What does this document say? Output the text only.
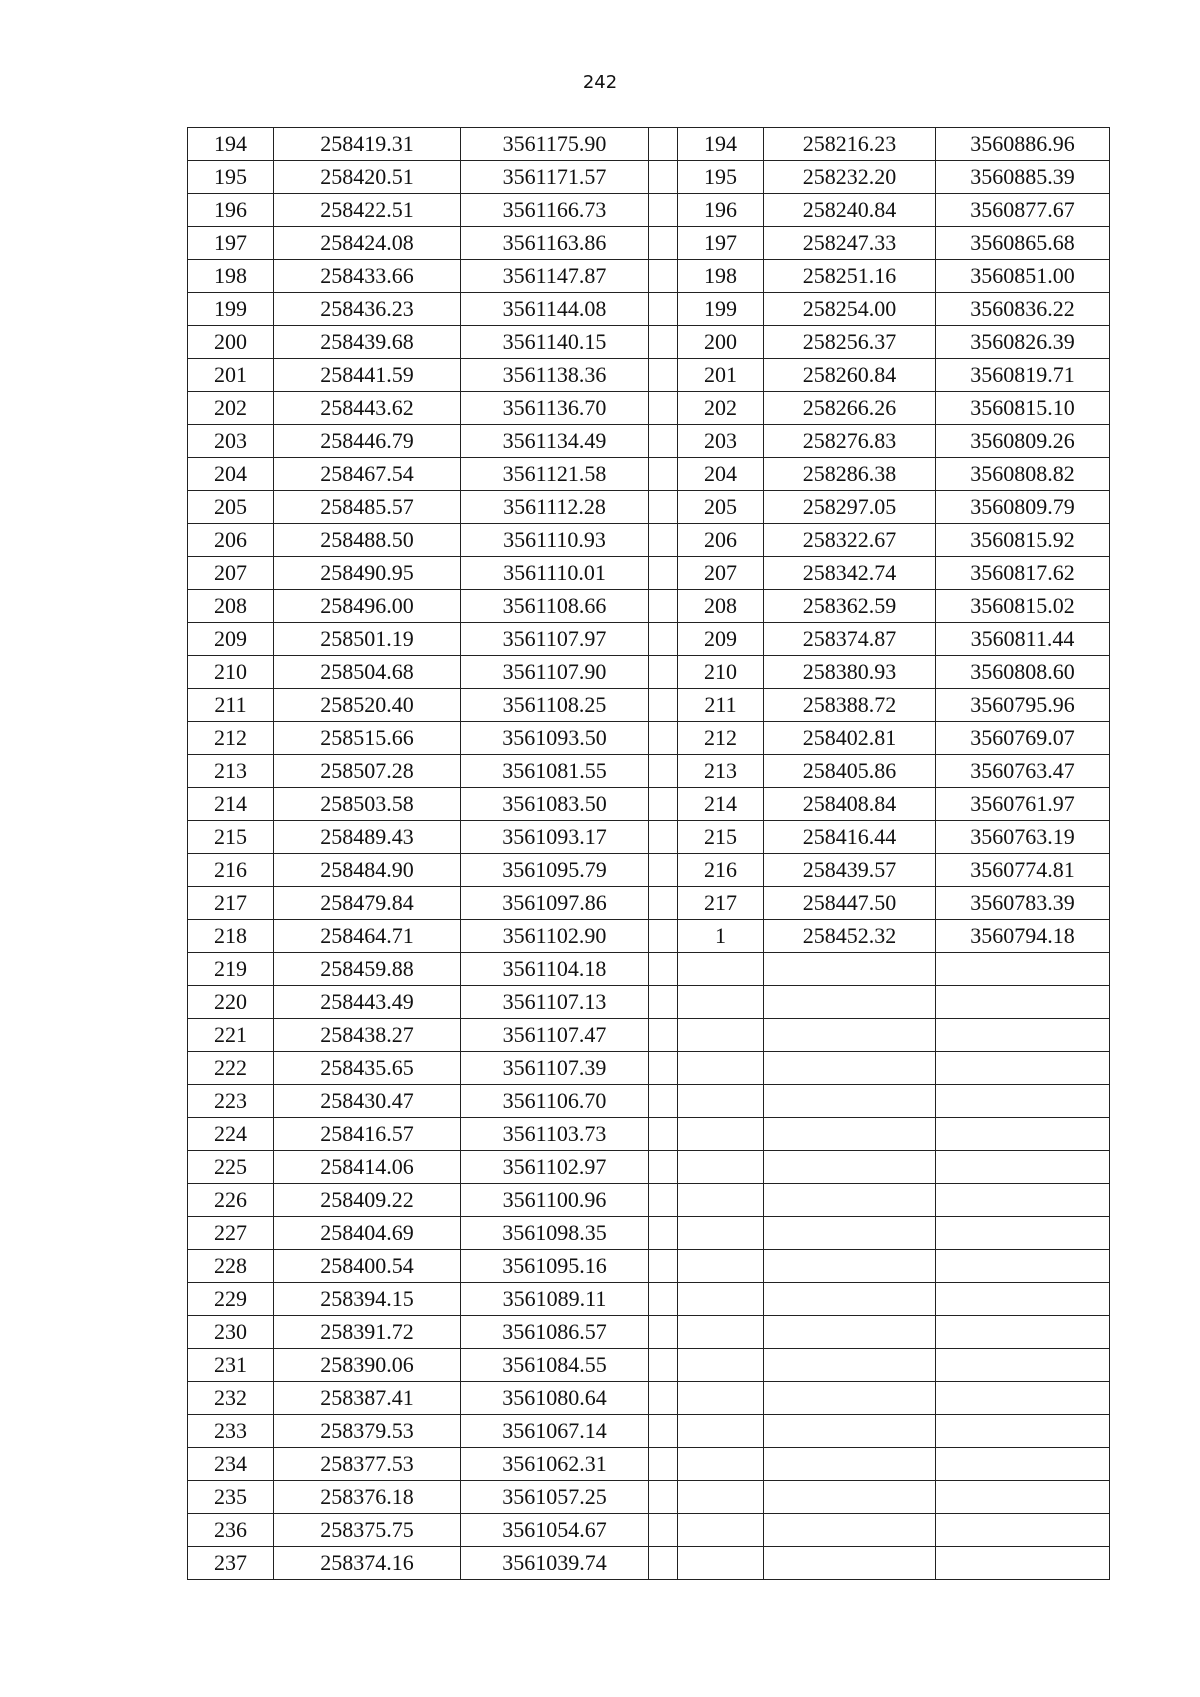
242
194	258419.31	3561175.90		194	258216.23	3560886.96
195	258420.51	3561171.57		195	258232.20	3560885.39
196	258422.51	3561166.73		196	258240.84	3560877.67
197	258424.08	3561163.86		197	258247.33	3560865.68
198	258433.66	3561147.87		198	258251.16	3560851.00
199	258436.23	3561144.08		199	258254.00	3560836.22
200	258439.68	3561140.15		200	258256.37	3560826.39
201	258441.59	3561138.36		201	258260.84	3560819.71
202	258443.62	3561136.70		202	258266.26	3560815.10
203	258446.79	3561134.49		203	258276.83	3560809.26
204	258467.54	3561121.58		204	258286.38	3560808.82
205	258485.57	3561112.28		205	258297.05	3560809.79
206	258488.50	3561110.93		206	258322.67	3560815.92
207	258490.95	3561110.01		207	258342.74	3560817.62
208	258496.00	3561108.66		208	258362.59	3560815.02
209	258501.19	3561107.97		209	258374.87	3560811.44
210	258504.68	3561107.90		210	258380.93	3560808.60
211	258520.40	3561108.25		211	258388.72	3560795.96
212	258515.66	3561093.50		212	258402.81	3560769.07
213	258507.28	3561081.55		213	258405.86	3560763.47
214	258503.58	3561083.50		214	258408.84	3560761.97
215	258489.43	3561093.17		215	258416.44	3560763.19
216	258484.90	3561095.79		216	258439.57	3560774.81
217	258479.84	3561097.86		217	258447.50	3560783.39
218	258464.71	3561102.90		1	258452.32	3560794.18
219	258459.88	3561104.18				
220	258443.49	3561107.13				
221	258438.27	3561107.47				
222	258435.65	3561107.39				
223	258430.47	3561106.70				
224	258416.57	3561103.73				
225	258414.06	3561102.97				
226	258409.22	3561100.96				
227	258404.69	3561098.35				
228	258400.54	3561095.16				
229	258394.15	3561089.11				
230	258391.72	3561086.57				
231	258390.06	3561084.55				
232	258387.41	3561080.64				
233	258379.53	3561067.14				
234	258377.53	3561062.31				
235	258376.18	3561057.25				
236	258375.75	3561054.67				
237	258374.16	3561039.74				
